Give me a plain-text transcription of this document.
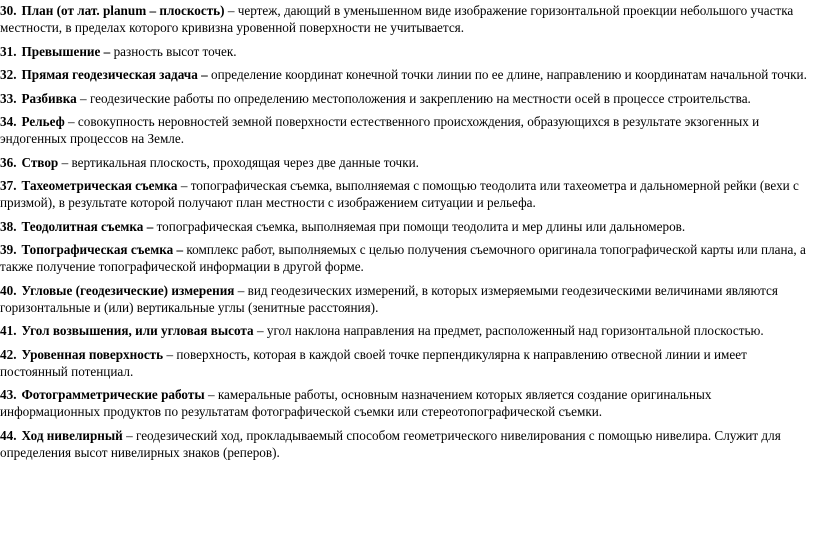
30. План (от лат. planum – плоскость) – чертеж, дающий в уменьшенном виде изображение горизонтальной проекции небольшого участка местности, в пределах которого кривизна уровенной поверхности не учитывается.

31. Превышение – разность высот точек.

32. Прямая геодезическая задача – определение координат конечной точки линии по ее длине, направлению и координатам начальной точки.

33. Разбивка – геодезические работы по определению местоположения и закреплению на местности осей в процессе строительства.

34. Рельеф – совокупность неровностей земной поверхности естественного происхождения, образующихся в результате экзогенных и эндогенных процессов на Земле.

36. Створ – вертикальная плоскость, проходящая через две данные точки.

37. Тахеометрическая съемка – топографическая съемка, выполняемая с помощью теодолита или тахеометра и дальномерной рейки (вехи с призмой), в результате которой получают план местности с изображением ситуации и рельефа.

38. Теодолитная съемка – топографическая съемка, выполняемая при помощи теодолита и мер длины или дальномеров.

39. Топографическая съемка – комплекс работ, выполняемых с целью получения съемочного оригинала топографической карты или плана, а также получение топографической информации в другой форме.

40. Угловые (геодезические) измерения – вид геодезических измерений, в которых измеряемыми геодезическими величинами являются горизонтальные и (или) вертикальные углы (зенитные расстояния).

41. Угол возвышения, или угловая высота – угол наклона направления на предмет, расположенный над горизонтальной плоскостью.

42. Уровенная поверхность – поверхность, которая в каждой своей точке перпендикулярна к направлению отвесной линии и имеет постоянный потенциал.

43. Фотограмметрические работы – камеральные работы, основным назначением которых является создание оригинальных информационных продуктов по результатам фотографической съемки или стереотопографической съемки.

44. Ход нивелирный – геодезический ход, прокладываемый способом геометрического нивелирования с помощью нивелира. Служит для определения высот нивелирных знаков (реперов).
